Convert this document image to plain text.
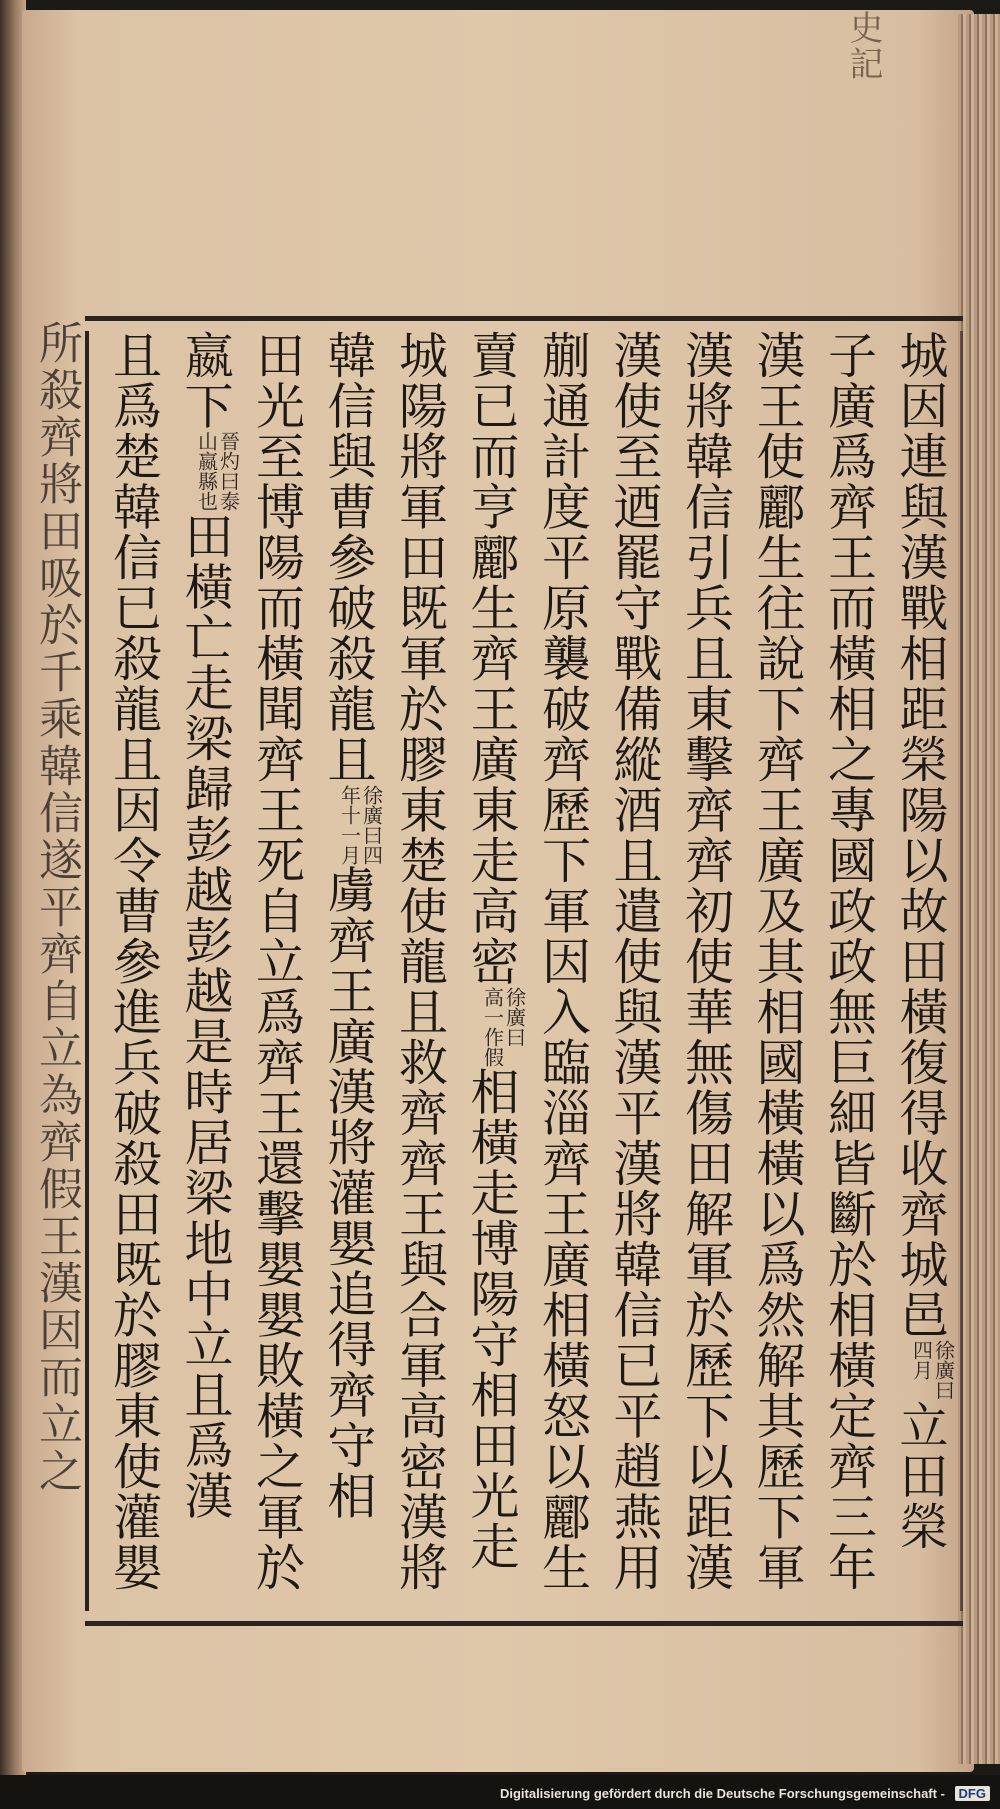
史記
所殺齊將田吸於千乘韓信遂平齊自立為齊假王漢因而立之	城因連與漢戰相距榮陽以故田橫復得收齊城邑
徐廣曰
四月
立田榮
子廣爲齊王而橫相之專國政政無巨細皆斷於相橫定齊三年
漢王使酈生往說下齊王廣及其相國橫橫以爲然解其歷下軍
漢將韓信引兵且東擊齊齊初使華無傷田解軍於歷下以距漢
漢使至迺罷守戰備縱酒且遣使與漢平漢將韓信已平趙燕用
蒯通計度平原襲破齊歷下軍因入臨淄齊王廣相橫怒以酈生
賣已而亨酈生齊王廣東走高密
徐廣曰
高一作假
相橫走博陽守相田光走
城陽將軍田既軍於膠東楚使龍且救齊齊王與合軍高密漢將
韓信與曹參破殺龍且
徐廣曰四
年十一月
虜齊王廣漢將灌嬰追得齊守相
田光至博陽而橫聞齊王死自立爲齊王還擊嬰嬰敗橫之軍於
嬴下
晉灼曰泰
山嬴縣也
田橫亡走梁歸彭越彭越是時居梁地中立且爲漢
且爲楚韓信已殺龍且因令曹參進兵破殺田既於膠東使灌嬰
Digitalisierung gefördert durch die Deutsche Forschungsgemeinschaft - DFG
